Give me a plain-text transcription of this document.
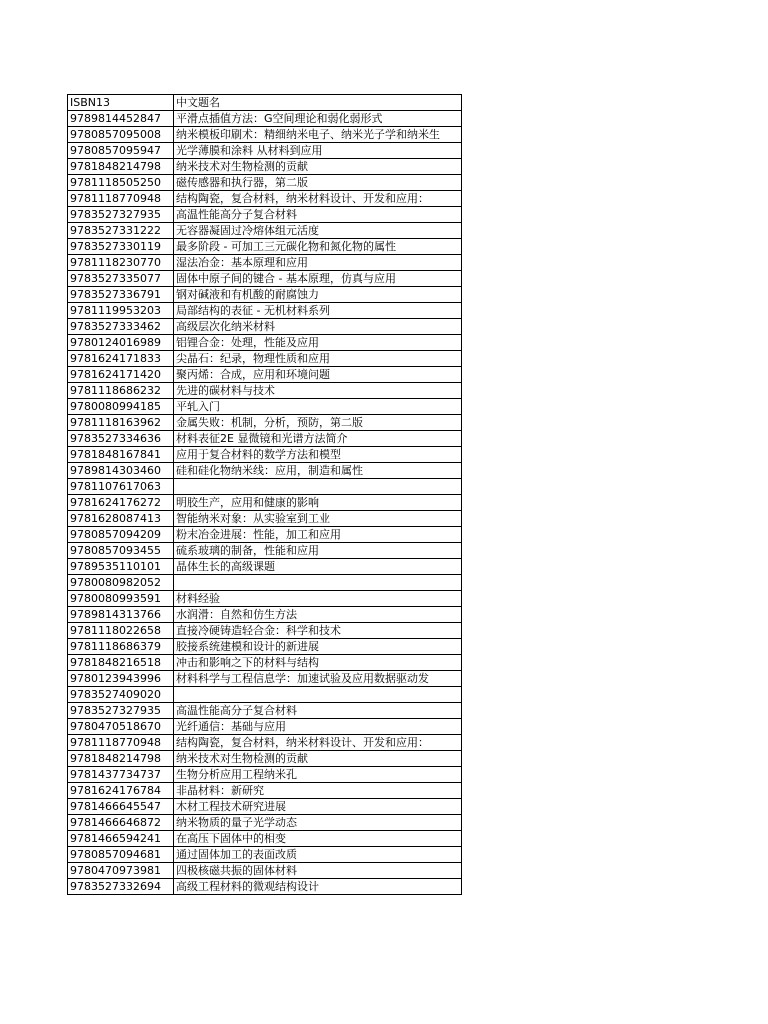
ISBN13	中文题名
9789814452847	平滑点插值方法：G空间理论和弱化弱形式
9780857095008	纳米模板印刷术：精细纳米电子、纳米光子学和纳米生
9780857095947	光学薄膜和涂料 从材料到应用
9781848214798	纳米技术对生物检测的贡献
9781118505250	磁传感器和执行器，第二版
9781118770948	结构陶瓷，复合材料，纳米材料设计、开发和应用：
9783527327935	高温性能高分子复合材料
9783527331222	无容器凝固过冷熔体组元活度
9783527330119	最多阶段 - 可加工三元碳化物和氮化物的属性
9781118230770	湿法冶金：基本原理和应用
9783527335077	固体中原子间的键合 - 基本原理，仿真与应用
9783527336791	钢对碱液和有机酸的耐腐蚀力
9781119953203	局部结构的表征 - 无机材料系列
9783527333462	高级层次化纳米材料
9780124016989	铝锂合金：处理，性能及应用
9781624171833	尖晶石：纪录，物理性质和应用
9781624171420	聚丙烯：合成，应用和环境问题
9781118686232	先进的碳材料与技术
9780080994185	平轧入门
9781118163962	金属失败：机制，分析，预防，第二版
9783527334636	材料表征2E 显微镜和光谱方法简介
9781848167841	应用于复合材料的数学方法和模型
9789814303460	硅和硅化物纳米线：应用，制造和属性
9781107617063	
9781624176272	明胶生产，应用和健康的影响
9781628087413	智能纳米对象：从实验室到工业
9780857094209	粉末冶金进展：性能，加工和应用
9780857093455	硫系玻璃的制备，性能和应用
9789535110101	晶体生长的高级课题
9780080982052	
9780080993591	材料经验
9789814313766	水润滑：自然和仿生方法
9781118022658	直接冷硬铸造轻合金：科学和技术
9781118686379	胶接系统建模和设计的新进展
9781848216518	冲击和影响之下的材料与结构
9780123943996	材料科学与工程信息学：加速试验及应用数据驱动发
9783527409020	
9783527327935	高温性能高分子复合材料
9780470518670	光纤通信：基础与应用
9781118770948	结构陶瓷，复合材料，纳米材料设计、开发和应用：
9781848214798	纳米技术对生物检测的贡献
9781437734737	生物分析应用工程纳米孔
9781624176784	非晶材料：新研究
9781466645547	木材工程技术研究进展
9781466646872	纳米物质的量子光学动态
9781466594241	在高压下固体中的相变
9780857094681	通过固体加工的表面改质
9780470973981	四极核磁共振的固体材料
9783527332694	高级工程材料的微观结构设计
